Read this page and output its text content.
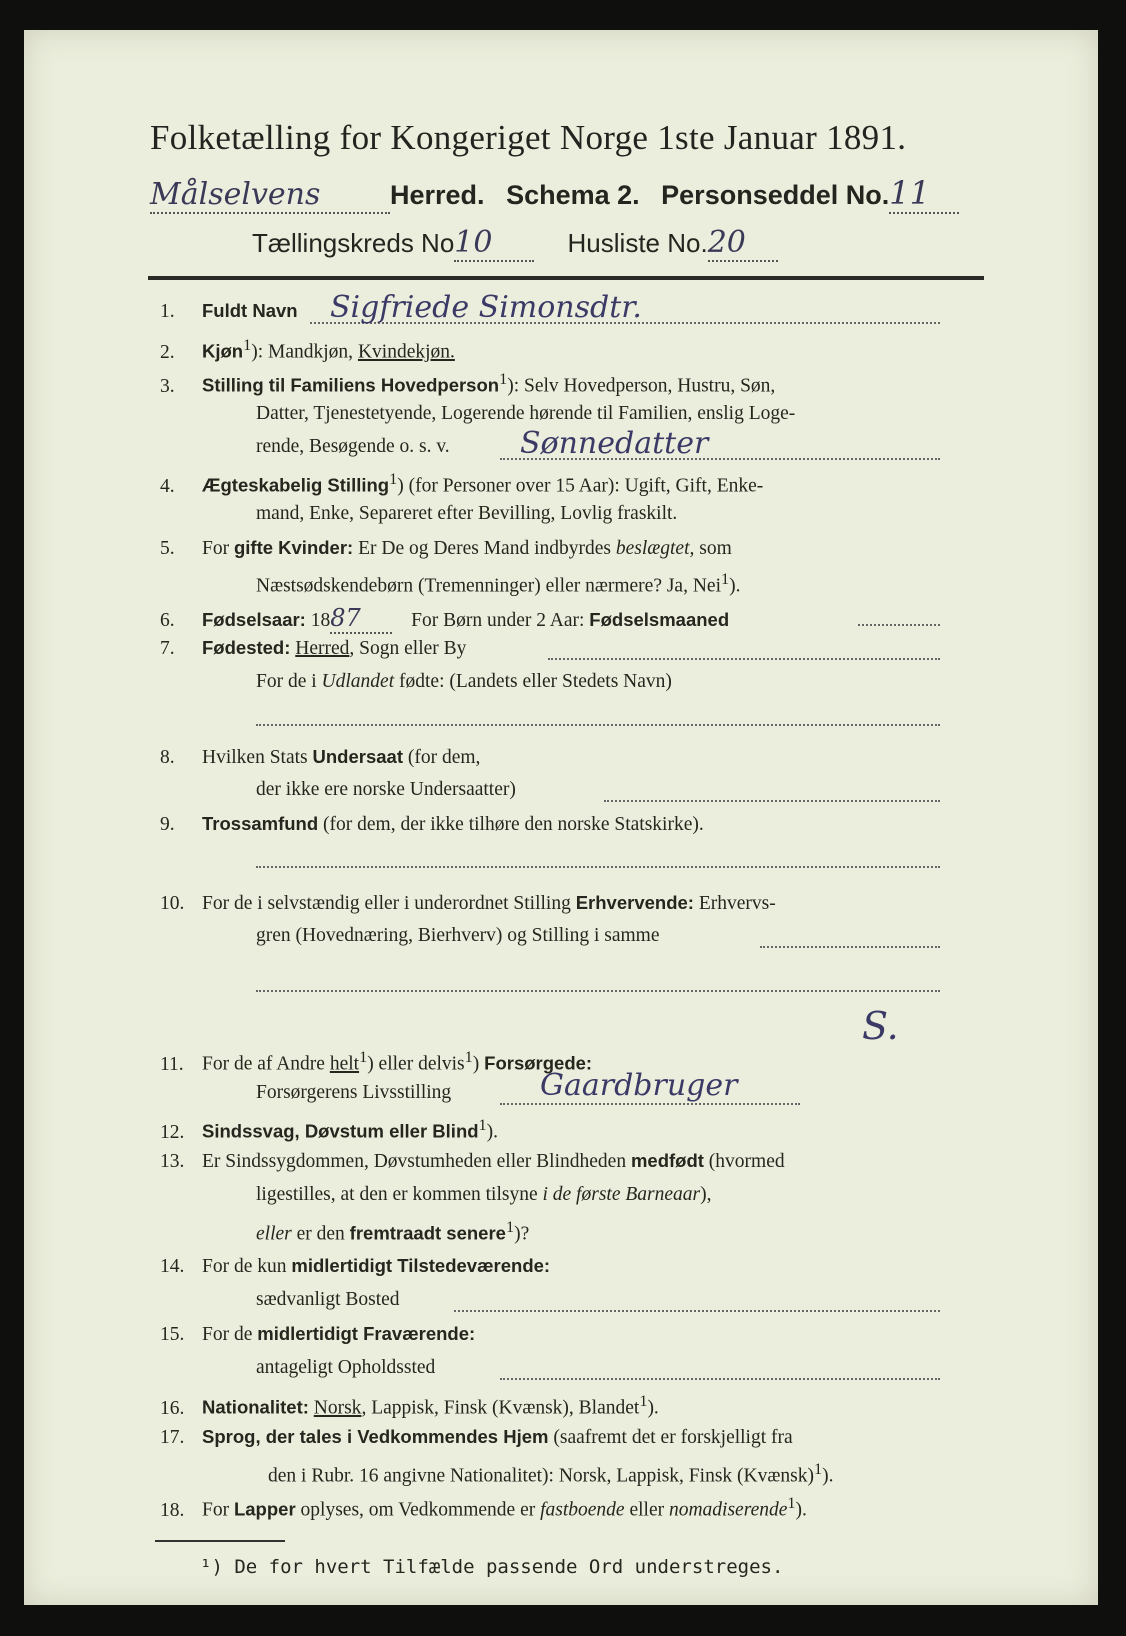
Folketælling for Kongeriget Norge 1ste Januar 1891.
Målselvens	Herred. Schema 2. Personseddel No.11
Tællingskreds No10	Husliste No.20
1. Fuldt Navn Sigfriede Simonsdtr.
2. Kjøn$^1$): Mandkjøn, Kvindekjøn.
3. Stilling til Familiens Hovedperson$^1$): Selv Hovedperson, Hustru, Søn,
Datter, Tjenestetyende, Logerende hørende til Familien, enslig Loge-
rende, Besøgende o. s. v. Sønnedatter
4. Ægteskabelig Stilling$^1$) (for Personer over 15 Aar): Ugift, Gift, Enke-
mand, Enke, Separeret efter Bevilling, Lovlig fraskilt.
5. For gifte Kvinder: Er De og Deres Mand indbyrdes beslægtet, som
Næstsødskendebørn (Tremenninger) eller nærmere? Ja, Nei$^1$).
6. Fødselsaar: 1887	For Børn under 2 Aar: Fødselsmaaned
7. Fødested: Herred, Sogn eller By
For de i Udlandet fødte: (Landets eller Stedets Navn)
8. Hvilken Stats Undersaat (for dem,
der ikke ere norske Undersaatter)
9. Trossamfund (for dem, der ikke tilhøre den norske Statskirke).
10. For de i selvstændig eller i underordnet Stilling Erhvervende: Erhvervs-
gren (Hovednæring, Bierhverv) og Stilling i samme
11. For de af Andre helt$^1$) eller delvis$^1$) Forsørgede:
S.
Forsørgerens Livsstilling	Gaardbruger
12. Sindssvag, Døvstum eller Blind$^1$).
13. Er Sindssygdommen, Døvstumheden eller Blindheden medfødt (hvormed
ligestilles, at den er kommen tilsyne i de første Barneaar),
eller er den fremtraadt senere$^1$)?
14. For de kun midlertidigt Tilstedeværende:
sædvanligt Bosted
15. For de midlertidigt Fraværende:
antageligt Opholdssted
16. Nationalitet: Norsk, Lappisk, Finsk (Kvænsk), Blandet$^1$).
17. Sprog, der tales i Vedkommendes Hjem (saafremt det er forskjelligt fra
den i Rubr. 16 angivne Nationalitet): Norsk, Lappisk, Finsk (Kvænsk)$^1$).
18. For Lapper oplyses, om Vedkommende er fastboende eller nomadiserende$^1$).
¹) De for hvert Tilfælde passende Ord understreges.
